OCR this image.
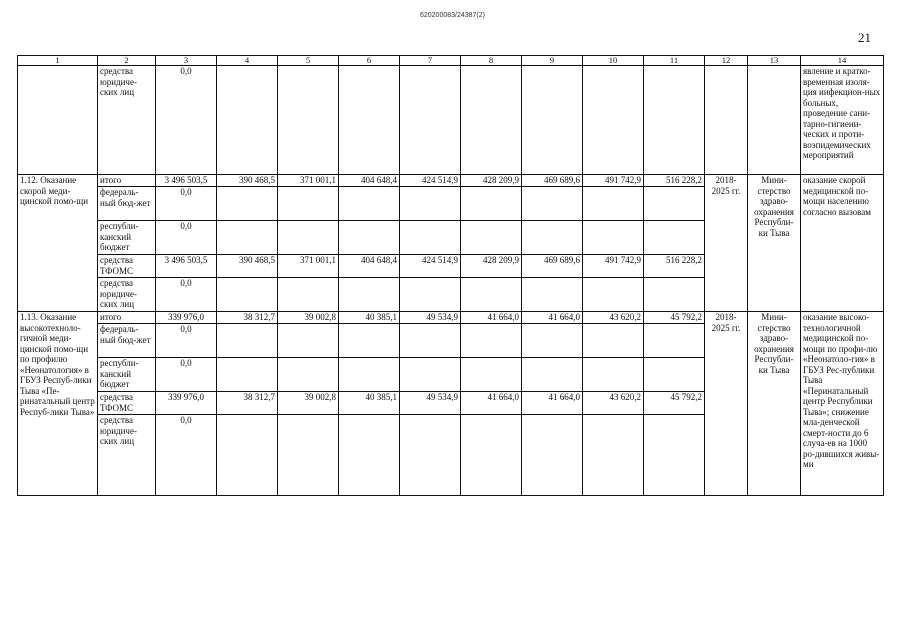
620200083/24387(2)
21
1	2	3	4	5	6	7	8	9	10	11	12	13	14
	средства юридиче-ских лиц	0,0											явление и кратко-временная изоля-ция инфекцион-ных больных, проведение сани-тарно-гигиени-ческих и проти-воэпидемических мероприятий
1.12. Оказание скорой меди-цинской помо-щи	итого	3 496 503,5	390 468,5	371 001,1	404 648,4	424 514,9	428 209,9	469 689,6	491 742,9	516 228,2	2018-2025 гг.	Мини-стерство здраво-охранения Республи-ки Тыва	оказание скорой медицинской по-мощи населению согласно вызовам
	федераль-ный бюд-жет	0,0											
	республи-канский бюджет	0,0											
	средства ТФОМС	3 496 503,5	390 468,5	371 001,1	404 648,4	424 514,9	428 209,9	469 689,6	491 742,9	516 228,2			
	средства юридиче-ских лиц	0,0											
1.13. Оказание высокотехноло-гичной меди-цинской помо-щи по профилю «Неонатология» в ГБУЗ Респуб-лики Тыва «Пе-ринатальный центр Респуб-лики Тыва»	итого	339 976,0	38 312,7	39 002,8	40 385,1	49 534,9	41 664,0	41 664,0	43 620,2	45 792,2	2018-2025 гг.	Мини-стерство здраво-охранения Республи-ки Тыва	оказание высоко-технологичной медицинской по-мощи по профи-лю «Неонатоло-гия» в ГБУЗ Рес-публики Тыва «Перинатальный центр Республики Тыва»; снижение мла-денческой смерт-ности до 6 случа-ев на 1000 ро-дившихся живы-ми
	федераль-ный бюд-жет	0,0											
	республи-канский бюджет	0,0											
	средства ТФОМС	339 976,0	38 312,7	39 002,8	40 385,1	49 534,9	41 664,0	41 664,0	43 620,2	45 792,2			
	средства юридиче-ских лиц	0,0											
